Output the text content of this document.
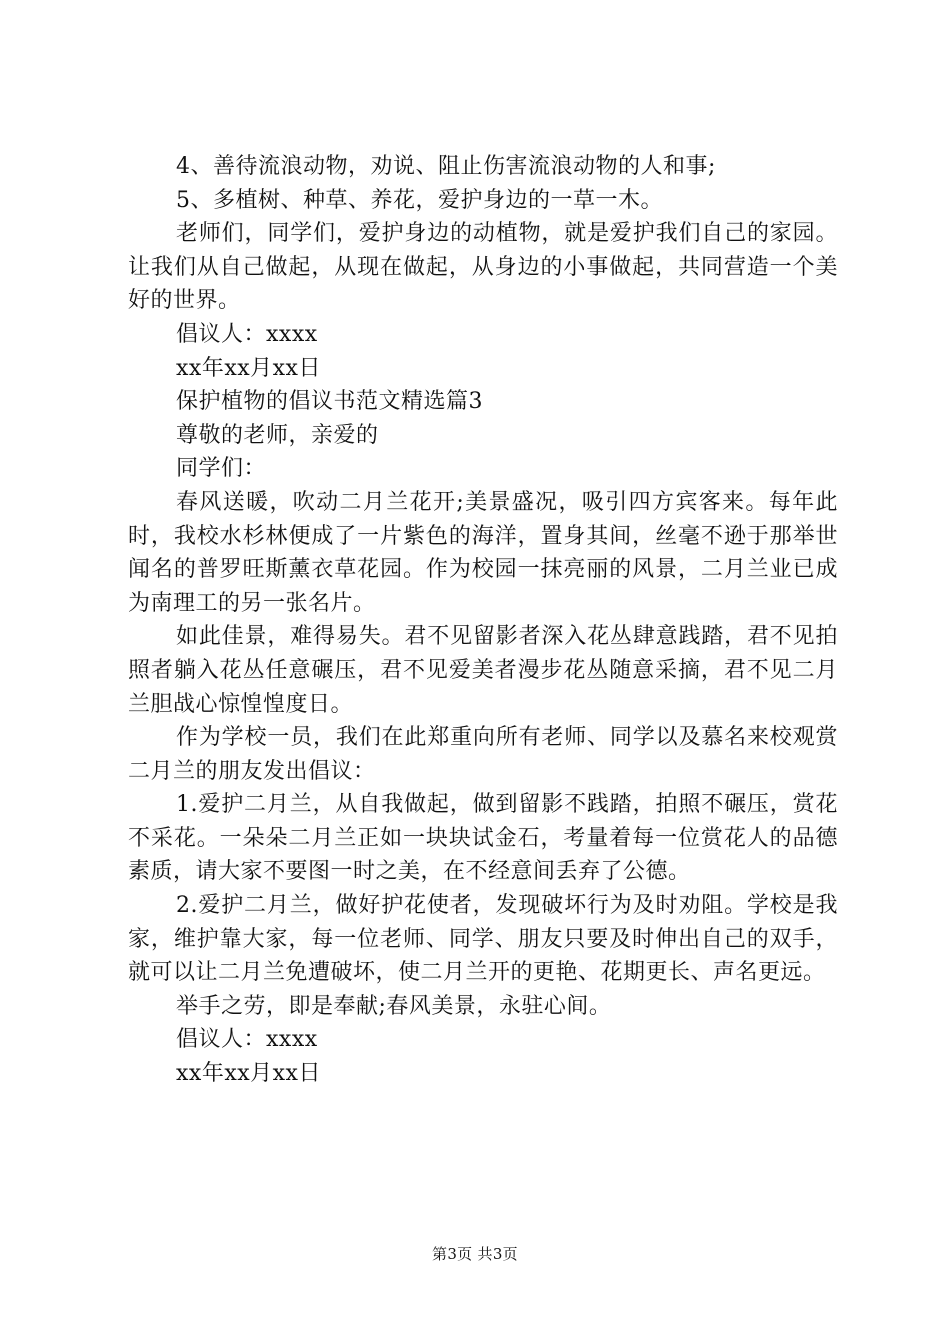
4、善待流浪动物，劝说、阻止伤害流浪动物的人和事;

5、多植树、种草、养花，爱护身边的一草一木。

老师们，同学们，爱护身边的动植物，就是爱护我们自己的家园。让我们从自己做起，从现在做起，从身边的小事做起，共同营造一个美好的世界。

倡议人：xxxx

xx年xx月xx日

保护植物的倡议书范文精选篇3

尊敬的老师，亲爱的

同学们：

春风送暖，吹动二月兰花开;美景盛况，吸引四方宾客来。每年此时，我校水杉林便成了一片紫色的海洋，置身其间，丝毫不逊于那举世闻名的普罗旺斯薰衣草花园。作为校园一抹亮丽的风景，二月兰业已成为南理工的另一张名片。

如此佳景，难得易失。君不见留影者深入花丛肆意践踏，君不见拍照者躺入花丛任意碾压，君不见爱美者漫步花丛随意采摘，君不见二月兰胆战心惊惶惶度日。

作为学校一员，我们在此郑重向所有老师、同学以及慕名来校观赏二月兰的朋友发出倡议：

1.爱护二月兰，从自我做起，做到留影不践踏，拍照不碾压，赏花不采花。一朵朵二月兰正如一块块试金石，考量着每一位赏花人的品德素质，请大家不要图一时之美，在不经意间丢弃了公德。

2.爱护二月兰，做好护花使者，发现破坏行为及时劝阻。学校是我家，维护靠大家，每一位老师、同学、朋友只要及时伸出自己的双手，就可以让二月兰免遭破坏，使二月兰开的更艳、花期更长、声名更远。

举手之劳，即是奉献;春风美景，永驻心间。

倡议人：xxxx

xx年xx月xx日

第3页 共3页
